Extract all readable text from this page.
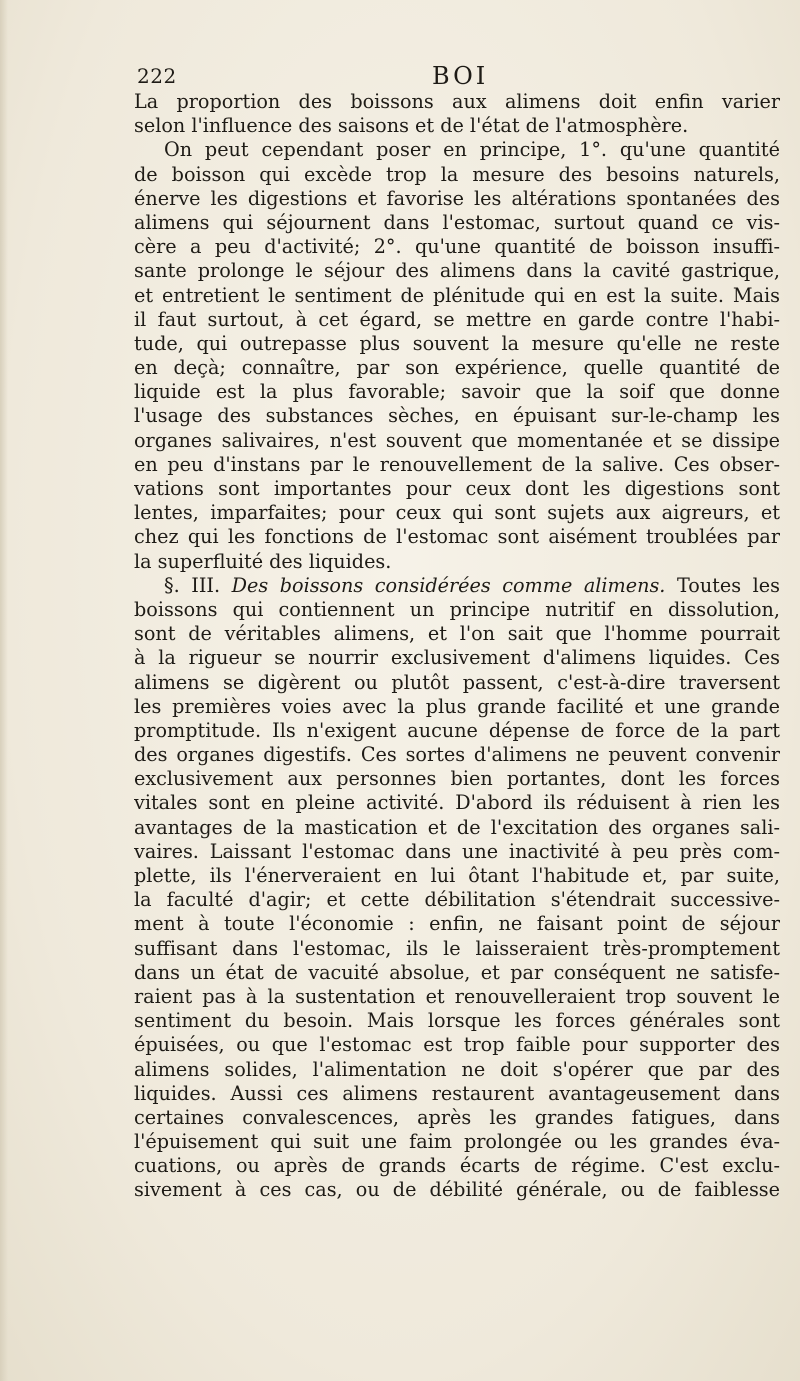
222	BOI
La proportion des boissons aux alimens doit enfin varier
selon l'influence des saisons et de l'état de l'atmosphère.
On peut cependant poser en principe, 1°. qu'une quantité
de boisson qui excède trop la mesure des besoins naturels,
énerve les digestions et favorise les altérations spontanées des
alimens qui séjournent dans l'estomac, surtout quand ce vis-
cère a peu d'activité; 2°. qu'une quantité de boisson insuffi-
sante prolonge le séjour des alimens dans la cavité gastrique,
et entretient le sentiment de plénitude qui en est la suite. Mais
il faut surtout, à cet égard, se mettre en garde contre l'habi-
tude, qui outrepasse plus souvent la mesure qu'elle ne reste
en deçà; connaître, par son expérience, quelle quantité de
liquide est la plus favorable; savoir que la soif que donne
l'usage des substances sèches, en épuisant sur-le-champ les
organes salivaires, n'est souvent que momentanée et se dissipe
en peu d'instans par le renouvellement de la salive. Ces obser-
vations sont importantes pour ceux dont les digestions sont
lentes, imparfaites; pour ceux qui sont sujets aux aigreurs, et
chez qui les fonctions de l'estomac sont aisément troublées par
la superfluité des liquides.
§. III. Des boissons considérées comme alimens. Toutes les
boissons qui contiennent un principe nutritif en dissolution,
sont de véritables alimens, et l'on sait que l'homme pourrait
à la rigueur se nourrir exclusivement d'alimens liquides. Ces
alimens se digèrent ou plutôt passent, c'est-à-dire traversent
les premières voies avec la plus grande facilité et une grande
promptitude. Ils n'exigent aucune dépense de force de la part
des organes digestifs. Ces sortes d'alimens ne peuvent convenir
exclusivement aux personnes bien portantes, dont les forces
vitales sont en pleine activité. D'abord ils réduisent à rien les
avantages de la mastication et de l'excitation des organes sali-
vaires. Laissant l'estomac dans une inactivité à peu près com-
plette, ils l'énerveraient en lui ôtant l'habitude et, par suite,
la faculté d'agir; et cette débilitation s'étendrait successive-
ment à toute l'économie : enfin, ne faisant point de séjour
suffisant dans l'estomac, ils le laisseraient très-promptement
dans un état de vacuité absolue, et par conséquent ne satisfe-
raient pas à la sustentation et renouvelleraient trop souvent le
sentiment du besoin. Mais lorsque les forces générales sont
épuisées, ou que l'estomac est trop faible pour supporter des
alimens solides, l'alimentation ne doit s'opérer que par des
liquides. Aussi ces alimens restaurent avantageusement dans
certaines convalescences, après les grandes fatigues, dans
l'épuisement qui suit une faim prolongée ou les grandes éva-
cuations, ou après de grands écarts de régime. C'est exclu-
sivement à ces cas, ou de débilité générale, ou de faiblesse
